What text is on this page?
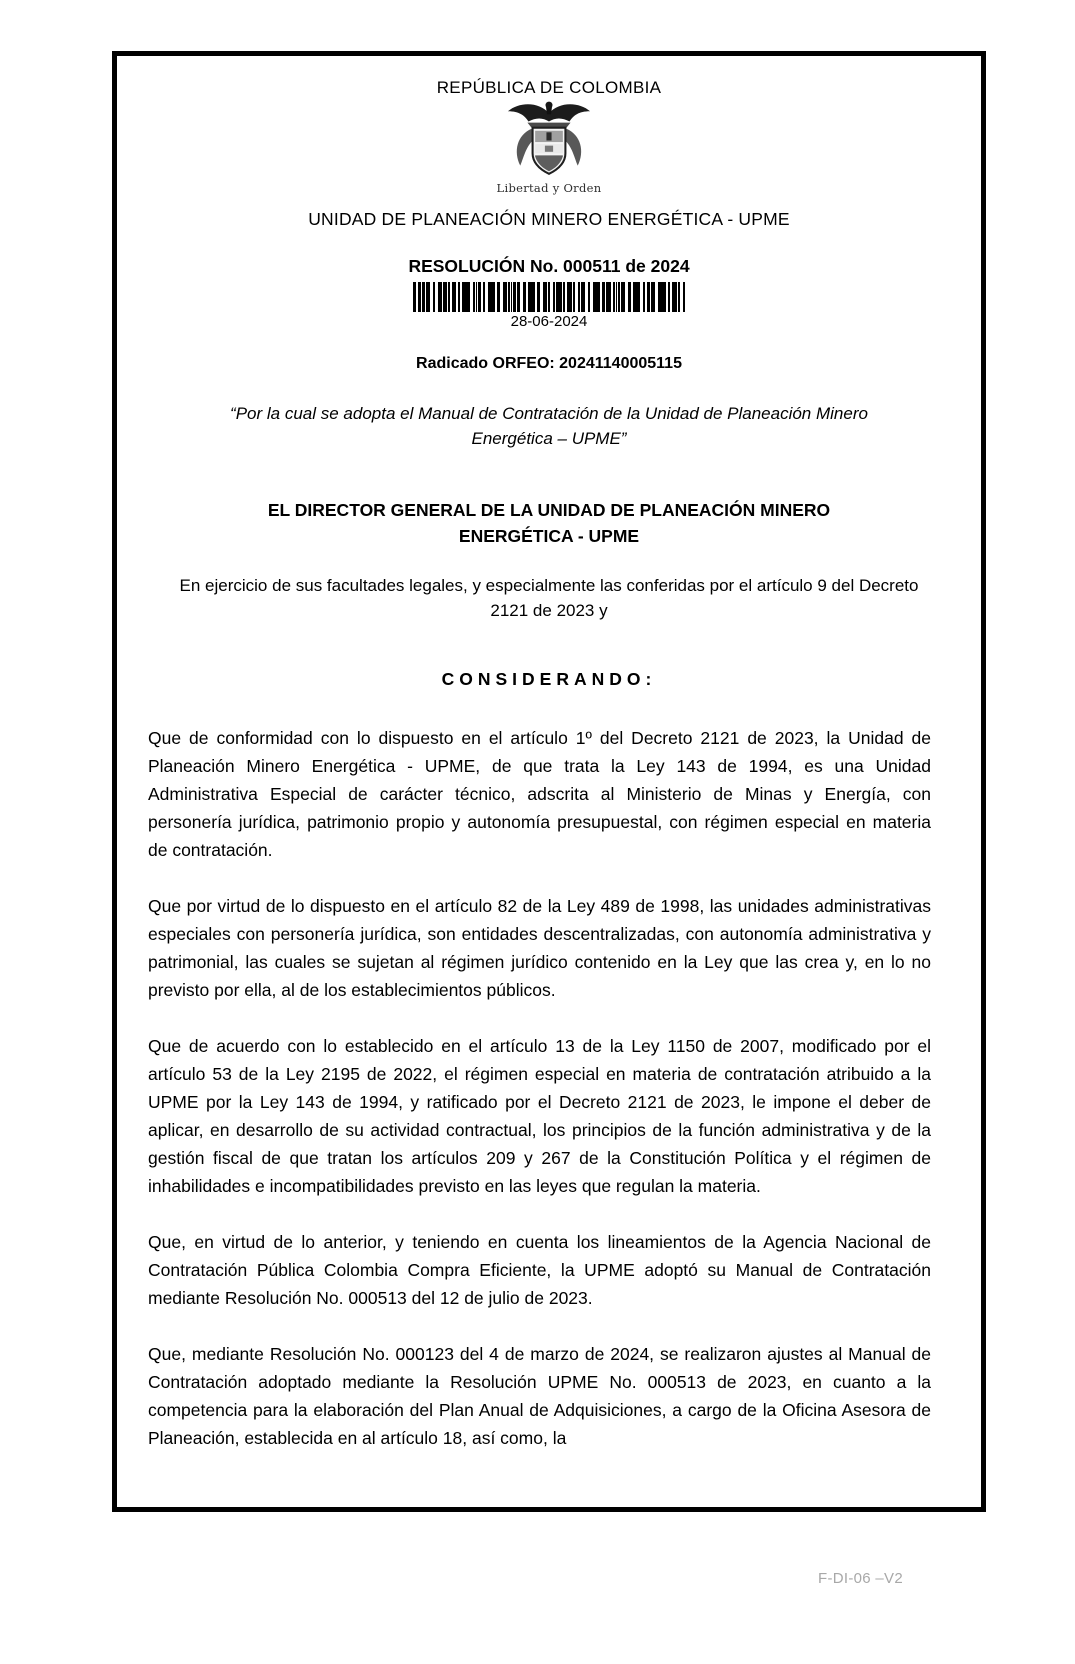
REPÚBLICA DE COLOMBIA
Libertad y Orden
UNIDAD DE PLANEACIÓN MINERO ENERGÉTICA - UPME
RESOLUCIÓN No. 000511 de 2024
28-06-2024
Radicado ORFEO: 20241140005115
“Por la cual se adopta el Manual de Contratación de la Unidad de Planeación Minero Energética – UPME”
EL DIRECTOR GENERAL DE LA UNIDAD DE PLANEACIÓN MINERO ENERGÉTICA - UPME
En ejercicio de sus facultades legales, y especialmente las conferidas por el artículo 9 del Decreto 2121 de 2023 y
CONSIDERANDO:

Que de conformidad con lo dispuesto en el artículo 1º del Decreto 2121 de 2023, la Unidad de Planeación Minero Energética - UPME, de que trata la Ley 143 de 1994, es una Unidad Administrativa Especial de carácter técnico, adscrita al Ministerio de Minas y Energía, con personería jurídica, patrimonio propio y autonomía presupuestal, con régimen especial en materia de contratación.

Que por virtud de lo dispuesto en el artículo 82 de la Ley 489 de 1998, las unidades administrativas especiales con personería jurídica, son entidades descentralizadas, con autonomía administrativa y patrimonial, las cuales se sujetan al régimen jurídico contenido en la Ley que las crea y, en lo no previsto por ella, al de los establecimientos públicos.

Que de acuerdo con lo establecido en el artículo 13 de la Ley 1150 de 2007, modificado por el artículo 53 de la Ley 2195 de 2022, el régimen especial en materia de contratación atribuido a la UPME por la Ley 143 de 1994, y ratificado por el Decreto 2121 de 2023, le impone el deber de aplicar, en desarrollo de su actividad contractual, los principios de la función administrativa y de la gestión fiscal de que tratan los artículos 209 y 267 de la Constitución Política y el régimen de inhabilidades e incompatibilidades previsto en las leyes que regulan la materia.

Que, en virtud de lo anterior, y teniendo en cuenta los lineamientos de la Agencia Nacional de Contratación Pública Colombia Compra Eficiente, la UPME adoptó su Manual de Contratación mediante Resolución No. 000513 del 12 de julio de 2023.

Que, mediante Resolución No. 000123 del 4 de marzo de 2024, se realizaron ajustes al Manual de Contratación adoptado mediante la Resolución UPME No. 000513 de 2023, en cuanto a la competencia para la elaboración del Plan Anual de Adquisiciones, a cargo de la Oficina Asesora de Planeación, establecida en al artículo 18, así como, la

F-DI-06 –V2
